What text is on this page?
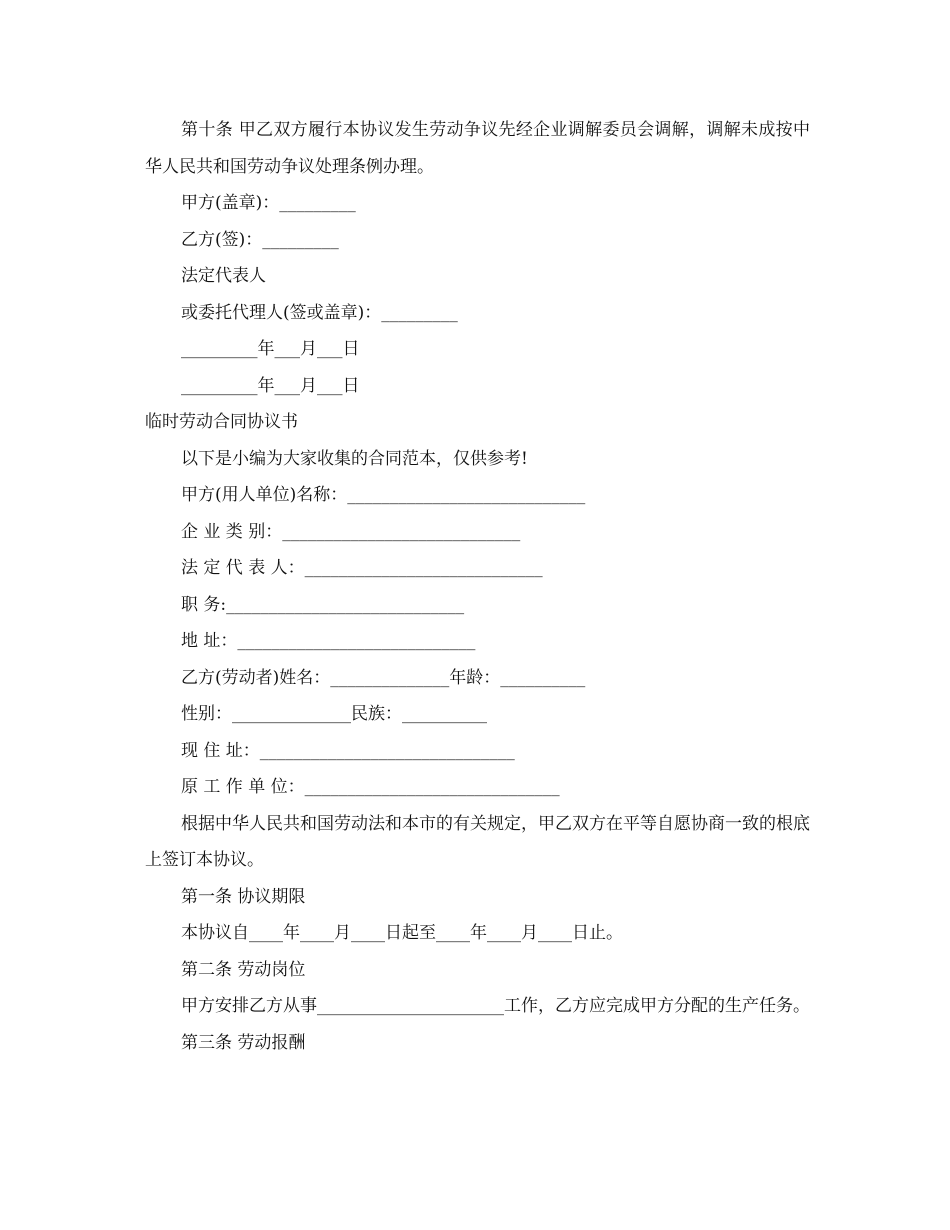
第十条 甲乙双方履行本协议发生劳动争议先经企业调解委员会调解，调解未成按中华人民共和国劳动争议处理条例办理。

甲方(盖章)：_________

乙方(签)：_________

法定代表人

或委托代理人(签或盖章)：_________

_________年___月___日

_________年___月___日

临时劳动合同协议书

以下是小编为大家收集的合同范本，仅供参考!

甲方(用人单位)名称：____________________________

企 业 类 别：____________________________

法 定 代 表 人：____________________________

职 务:____________________________

地 址：____________________________

乙方(劳动者)姓名：______________年龄：__________

性别：______________民族：__________

现 住 址：______________________________

原 工 作 单 位：______________________________

根据中华人民共和国劳动法和本市的有关规定，甲乙双方在平等自愿协商一致的根底上签订本协议。

第一条 协议期限

本协议自____年____月____日起至____年____月____日止。

第二条 劳动岗位

甲方安排乙方从事______________________工作，乙方应完成甲方分配的生产任务。

第三条 劳动报酬
